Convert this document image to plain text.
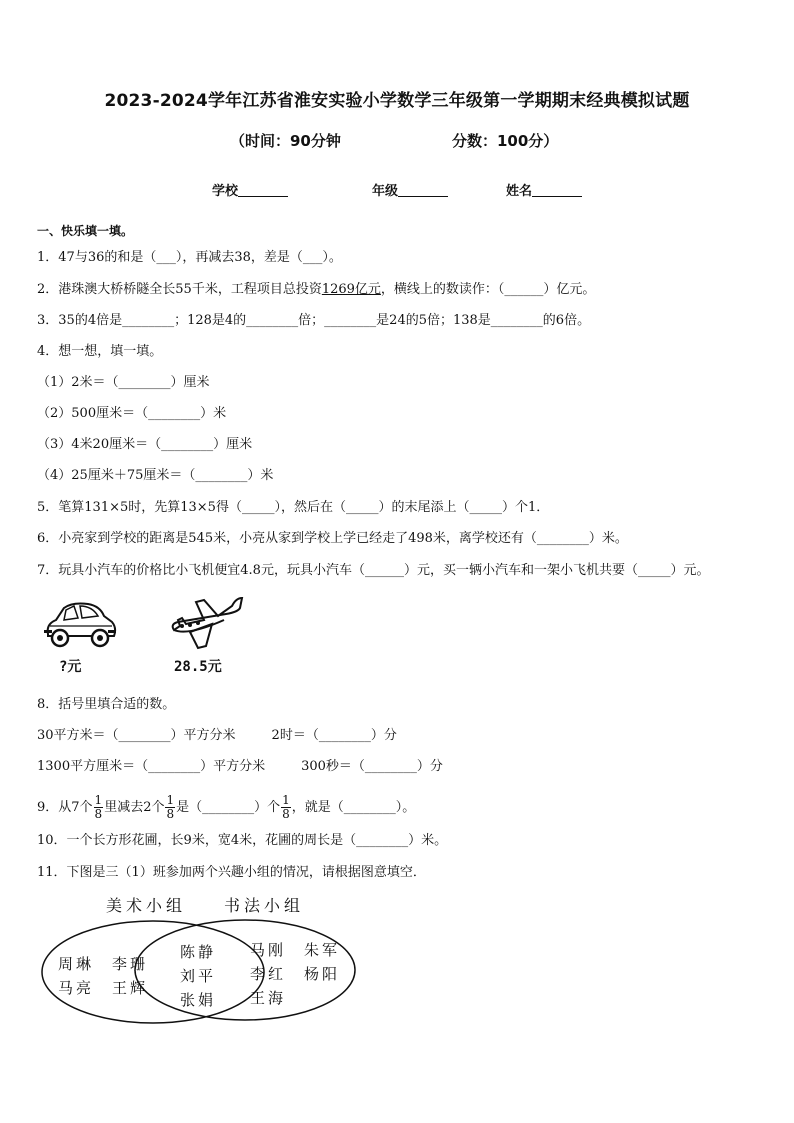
2023-2024学年江苏省淮安实验小学数学三年级第一学期期末经典模拟试题
（时间：90分钟	分数：100分）
学校	年级	姓名
一、快乐填一填。
1．47与36的和是（___），再减去38，差是（___）。
2．港珠澳大桥桥隧全长55千米，工程项目总投资1269亿元，横线上的数读作：（______）亿元。
3．35的4倍是________；128是4的________倍；________是24的5倍；138是________的6倍。
4．想一想，填一填。
（1）2米＝（________）厘米
（2）500厘米＝（________）米
（3）4米20厘米＝（________）厘米
（4）25厘米＋75厘米＝（________）米
5．笔算131×5时，先算13×5得（_____），然后在（_____）的末尾添上（_____）个1．
6．小亮家到学校的距离是545米，小亮从家到学校上学已经走了498米，离学校还有（________）米。
7．玩具小汽车的价格比小飞机便宜4.8元，玩具小汽车（______）元，买一辆小汽车和一架小飞机共要（_____）元。
?元	28.5元
8．括号里填合适的数。
30平方米＝（________）平方分米	2时＝（________）分
1300平方厘米＝（________）平方分米	300秒＝（________）分
9．从7个 $\frac{1}{8}$ 里减去2个 $\frac{1}{8}$ 是（________）个 $\frac{1}{8}$ ，就是（________）。
10．一个长方形花圃，长9米，宽4米，花圃的周长是（________）米。
11．下图是三（1）班参加两个兴趣小组的情况，请根据图意填空．
美术小组 书法小组
周琳　李珊
马亮　王辉
陈静
刘平
张娟
马刚　朱军
李红　杨阳
王海
